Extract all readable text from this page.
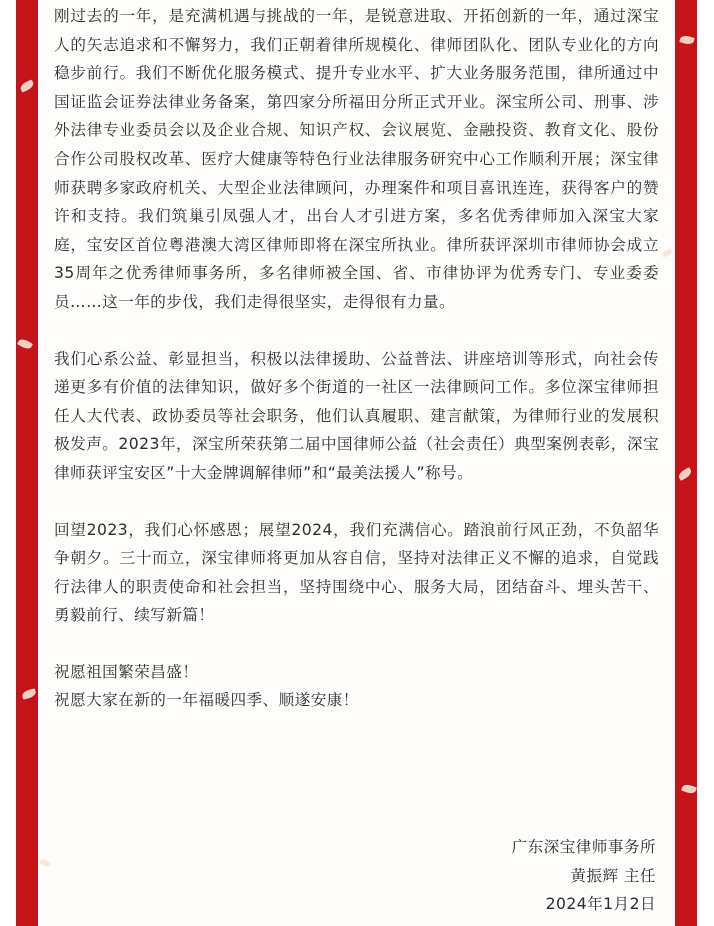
刚过去的一年，是充满机遇与挑战的一年，是锐意进取、开拓创新的一年，通过深宝人的矢志追求和不懈努力，我们正朝着律所规模化、律师团队化、团队专业化的方向稳步前行。我们不断优化服务模式、提升专业水平、扩大业务服务范围，律所通过中国证监会证券法律业务备案，第四家分所福田分所正式开业。深宝所公司、刑事、涉外法律专业委员会以及企业合规、知识产权、会议展览、金融投资、教育文化、股份合作公司股权改革、医疗大健康等特色行业法律服务研究中心工作顺利开展；深宝律师获聘多家政府机关、大型企业法律顾问，办理案件和项目喜讯连连，获得客户的赞许和支持。我们筑巢引凤强人才，出台人才引进方案，多名优秀律师加入深宝大家庭，宝安区首位粤港澳大湾区律师即将在深宝所执业。律所获评深圳市律师协会成立35周年之优秀律师事务所，多名律师被全国、省、市律协评为优秀专门、专业委委员……这一年的步伐，我们走得很坚实，走得很有力量。

我们心系公益、彰显担当，积极以法律援助、公益普法、讲座培训等形式，向社会传递更多有价值的法律知识，做好多个街道的一社区一法律顾问工作。多位深宝律师担任人大代表、政协委员等社会职务，他们认真履职、建言献策，为律师行业的发展积极发声。2023年，深宝所荣获第二届中国律师公益（社会责任）典型案例表彰，深宝律师获评宝安区”十大金牌调解律师”和“最美法援人”称号。

回望2023，我们心怀感恩；展望2024，我们充满信心。踏浪前行风正劲，不负韶华争朝夕。三十而立，深宝律师将更加从容自信，坚持对法律正义不懈的追求，自觉践行法律人的职责使命和社会担当，坚持围绕中心、服务大局，团结奋斗、埋头苦干、勇毅前行、续写新篇！

祝愿祖国繁荣昌盛！

祝愿大家在新的一年福暖四季、顺遂安康！

广东深宝律师事务所
黄振辉 主任
2024年1月2日
